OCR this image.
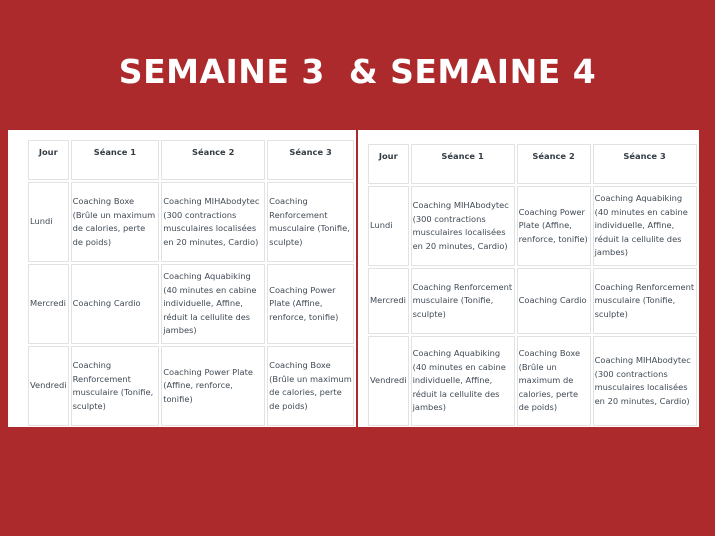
SEMAINE 3  & SEMAINE 4
Jour	Séance 1	Séance 2	Séance 3
Lundi	Coaching Boxe (Brûle un maximum de calories, perte de poids)	Coaching MIHAbodytec (300 contractions musculaires localisées en 20 minutes, Cardio)	Coaching Renforcement musculaire (Tonifie, sculpte)
Mercredi	Coaching Cardio	Coaching Aquabiking (40 minutes en cabine individuelle, Affine, réduit la cellulite des jambes)	Coaching Power Plate (Affine, renforce, tonifie)
Vendredi	Coaching Renforcement musculaire (Tonifie, sculpte)	Coaching Power Plate (Affine, renforce, tonifie)	Coaching Boxe (Brûle un maximum de calories, perte de poids)
Jour	Séance 1	Séance 2	Séance 3
Lundi	Coaching MIHAbodytec (300 contractions musculaires localisées en 20 minutes, Cardio)	Coaching Power Plate (Affine, renforce, tonifie)	Coaching Aquabiking (40 minutes en cabine individuelle, Affine, réduit la cellulite des jambes)
Mercredi	Coaching Renforcement musculaire (Tonifie, sculpte)	Coaching Cardio	Coaching Renforcement musculaire (Tonifie, sculpte)
Vendredi	Coaching Aquabiking (40 minutes en cabine individuelle, Affine, réduit la cellulite des jambes)	Coaching Boxe (Brûle un maximum de calories, perte de poids)	Coaching MIHAbodytec (300 contractions musculaires localisées en 20 minutes, Cardio)
